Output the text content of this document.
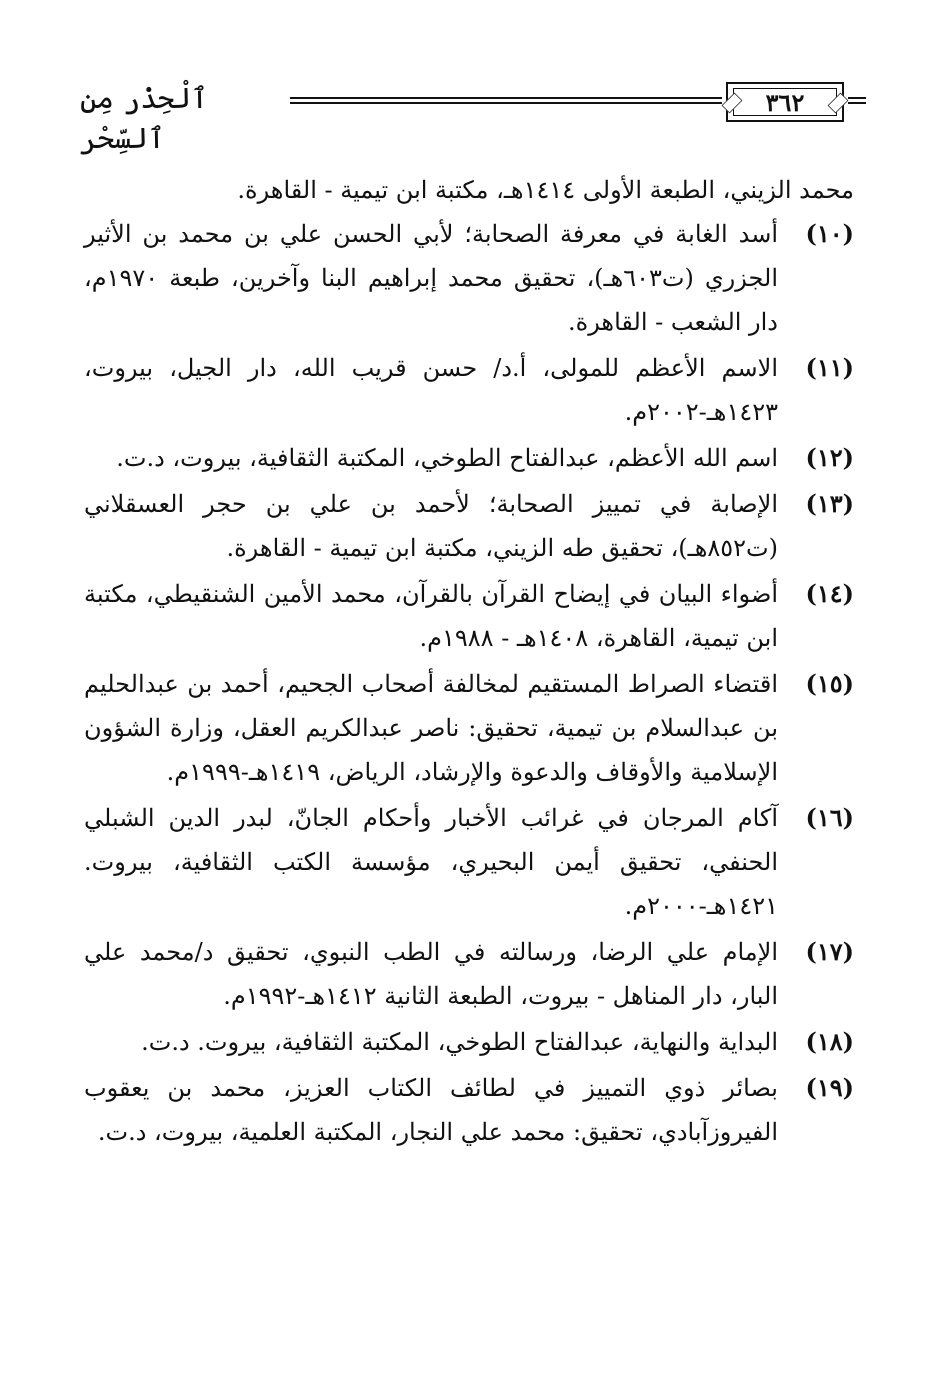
٣٦٢
ٱلْحِذْر مِن ٱلسِّحْر

محمد الزيني، الطبعة الأولى ١٤١٤هـ، مكتبة ابن تيمية - القاهرة.

(١٠)
أسد الغابة في معرفة الصحابة؛ لأبي الحسن علي بن محمد بن الأثير الجزري (ت٦٠٣هـ)، تحقيق محمد إبراهيم البنا وآخرين، طبعة ١٩٧٠م، دار الشعب - القاهرة.
(١١)
الاسم الأعظم للمولى، أ.د/ حسن قريب الله، دار الجيل، بيروت، ١٤٢٣هـ-٢٠٠٢م.
(١٢)
اسم الله الأعظم، عبدالفتاح الطوخي، المكتبة الثقافية، بيروت، د.ت.
(١٣)
الإصابة في تمييز الصحابة؛ لأحمد بن علي بن حجر العسقلاني (ت٨٥٢هـ)، تحقيق طه الزيني، مكتبة ابن تيمية - القاهرة.
(١٤)
أضواء البيان في إيضاح القرآن بالقرآن، محمد الأمين الشنقيطي، مكتبة ابن تيمية، القاهرة، ١٤٠٨هـ - ١٩٨٨م.
(١٥)
اقتضاء الصراط المستقيم لمخالفة أصحاب الجحيم، أحمد بن عبدالحليم بن عبدالسلام بن تيمية، تحقيق: ناصر عبدالكريم العقل، وزارة الشؤون الإسلامية والأوقاف والدعوة والإرشاد، الرياض، ١٤١٩هـ-١٩٩٩م.
(١٦)
آكام المرجان في غرائب الأخبار وأحكام الجانّ، لبدر الدين الشبلي الحنفي، تحقيق أيمن البحيري، مؤسسة الكتب الثقافية، بيروت. ١٤٢١هـ-٢٠٠٠م.
(١٧)
الإمام علي الرضا، ورسالته في الطب النبوي، تحقيق د/محمد علي البار، دار المناهل - بيروت، الطبعة الثانية ١٤١٢هـ-١٩٩٢م.
(١٨)
البداية والنهاية، عبدالفتاح الطوخي، المكتبة الثقافية، بيروت. د.ت.
(١٩)
بصائر ذوي التمييز في لطائف الكتاب العزيز، محمد بن يعقوب الفيروزآبادي، تحقيق: محمد علي النجار، المكتبة العلمية، بيروت، د.ت.
